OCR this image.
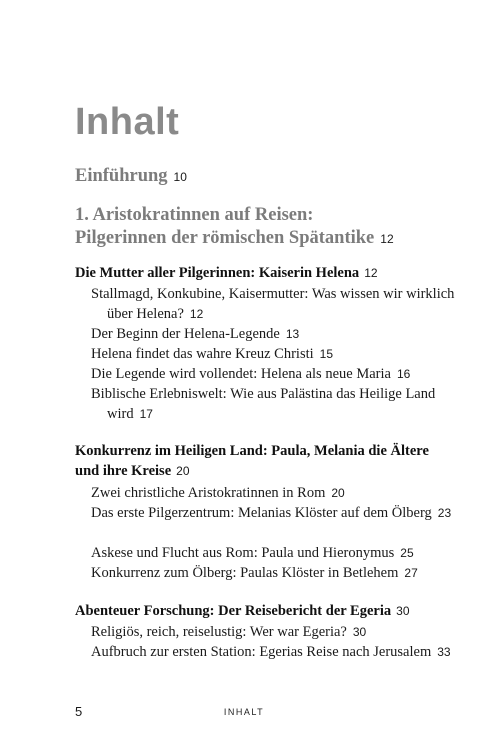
Inhalt
Einführung 10
1. Aristokratinnen auf Reisen:
Pilgerinnen der römischen Spätantike 12
Die Mutter aller Pilgerinnen: Kaiserin Helena 12
Stallmagd, Konkubine, Kaisermutter: Was wissen wir wirklich über Helena? 12
Der Beginn der Helena-Legende 13
Helena findet das wahre Kreuz Christi 15
Die Legende wird vollendet: Helena als neue Maria 16
Biblische Erlebniswelt: Wie aus Palästina das Heilige Land wird 17
Konkurrenz im Heiligen Land: Paula, Melania die Ältere und ihre Kreise 20
Zwei christliche Aristokratinnen in Rom 20
Das erste Pilgerzentrum: Melanias Klöster auf dem Ölberg 23
Askese und Flucht aus Rom: Paula und Hieronymus 25
Konkurrenz zum Ölberg: Paulas Klöster in Betlehem 27
Abenteuer Forschung: Der Reisebericht der Egeria 30
Religiös, reich, reiselustig: Wer war Egeria? 30
Aufbruch zur ersten Station: Egerias Reise nach Jerusalem 33
5	INHALT
